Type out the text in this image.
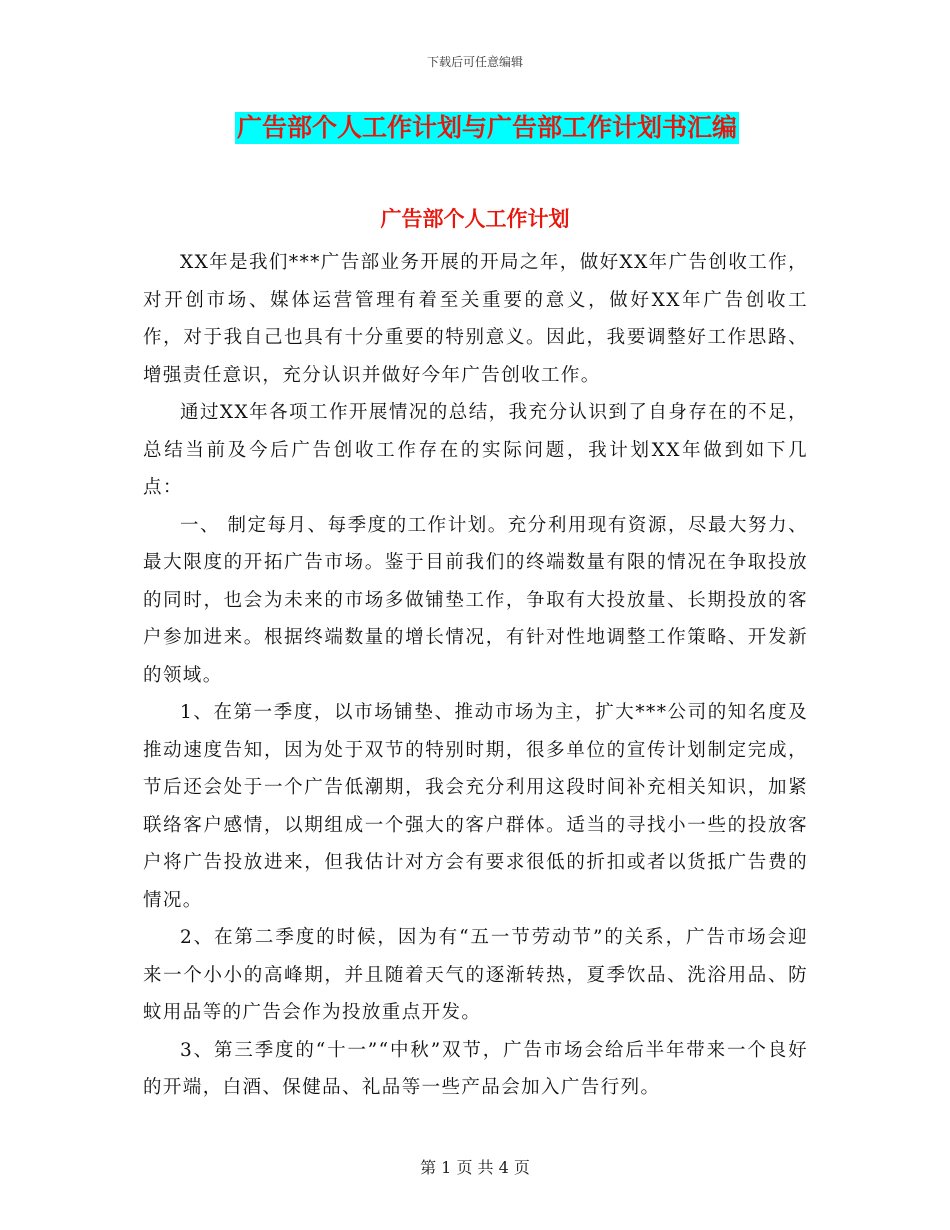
下载后可任意编辑
广告部个人工作计划与广告部工作计划书汇编
广告部个人工作计划

XX年是我们***广告部业务开展的开局之年，做好XX年广告创收工作，对开创市场、媒体运营管理有着至关重要的意义，做好XX年广告创收工作，对于我自己也具有十分重要的特别意义。因此，我要调整好工作思路、增强责任意识，充分认识并做好今年广告创收工作。

通过XX年各项工作开展情况的总结，我充分认识到了自身存在的不足，总结当前及今后广告创收工作存在的实际问题，我计划XX年做到如下几点：

一、 制定每月、每季度的工作计划。充分利用现有资源，尽最大努力、最大限度的开拓广告市场。鉴于目前我们的终端数量有限的情况在争取投放的同时，也会为未来的市场多做铺垫工作，争取有大投放量、长期投放的客户参加进来。根据终端数量的增长情况，有针对性地调整工作策略、开发新的领域。

1、在第一季度，以市场铺垫、推动市场为主，扩大***公司的知名度及推动速度告知，因为处于双节的特别时期，很多单位的宣传计划制定完成，节后还会处于一个广告低潮期，我会充分利用这段时间补充相关知识，加紧联络客户感情，以期组成一个强大的客户群体。适当的寻找小一些的投放客户将广告投放进来，但我估计对方会有要求很低的折扣或者以货抵广告费的情况。

2、在第二季度的时候，因为有“五一节劳动节”的关系，广告市场会迎来一个小小的高峰期，并且随着天气的逐渐转热，夏季饮品、洗浴用品、防蚊用品等的广告会作为投放重点开发。

3、第三季度的“十一”“中秋”双节，广告市场会给后半年带来一个良好的开端，白酒、保健品、礼品等一些产品会加入广告行列。

第 1 页 共 4 页
